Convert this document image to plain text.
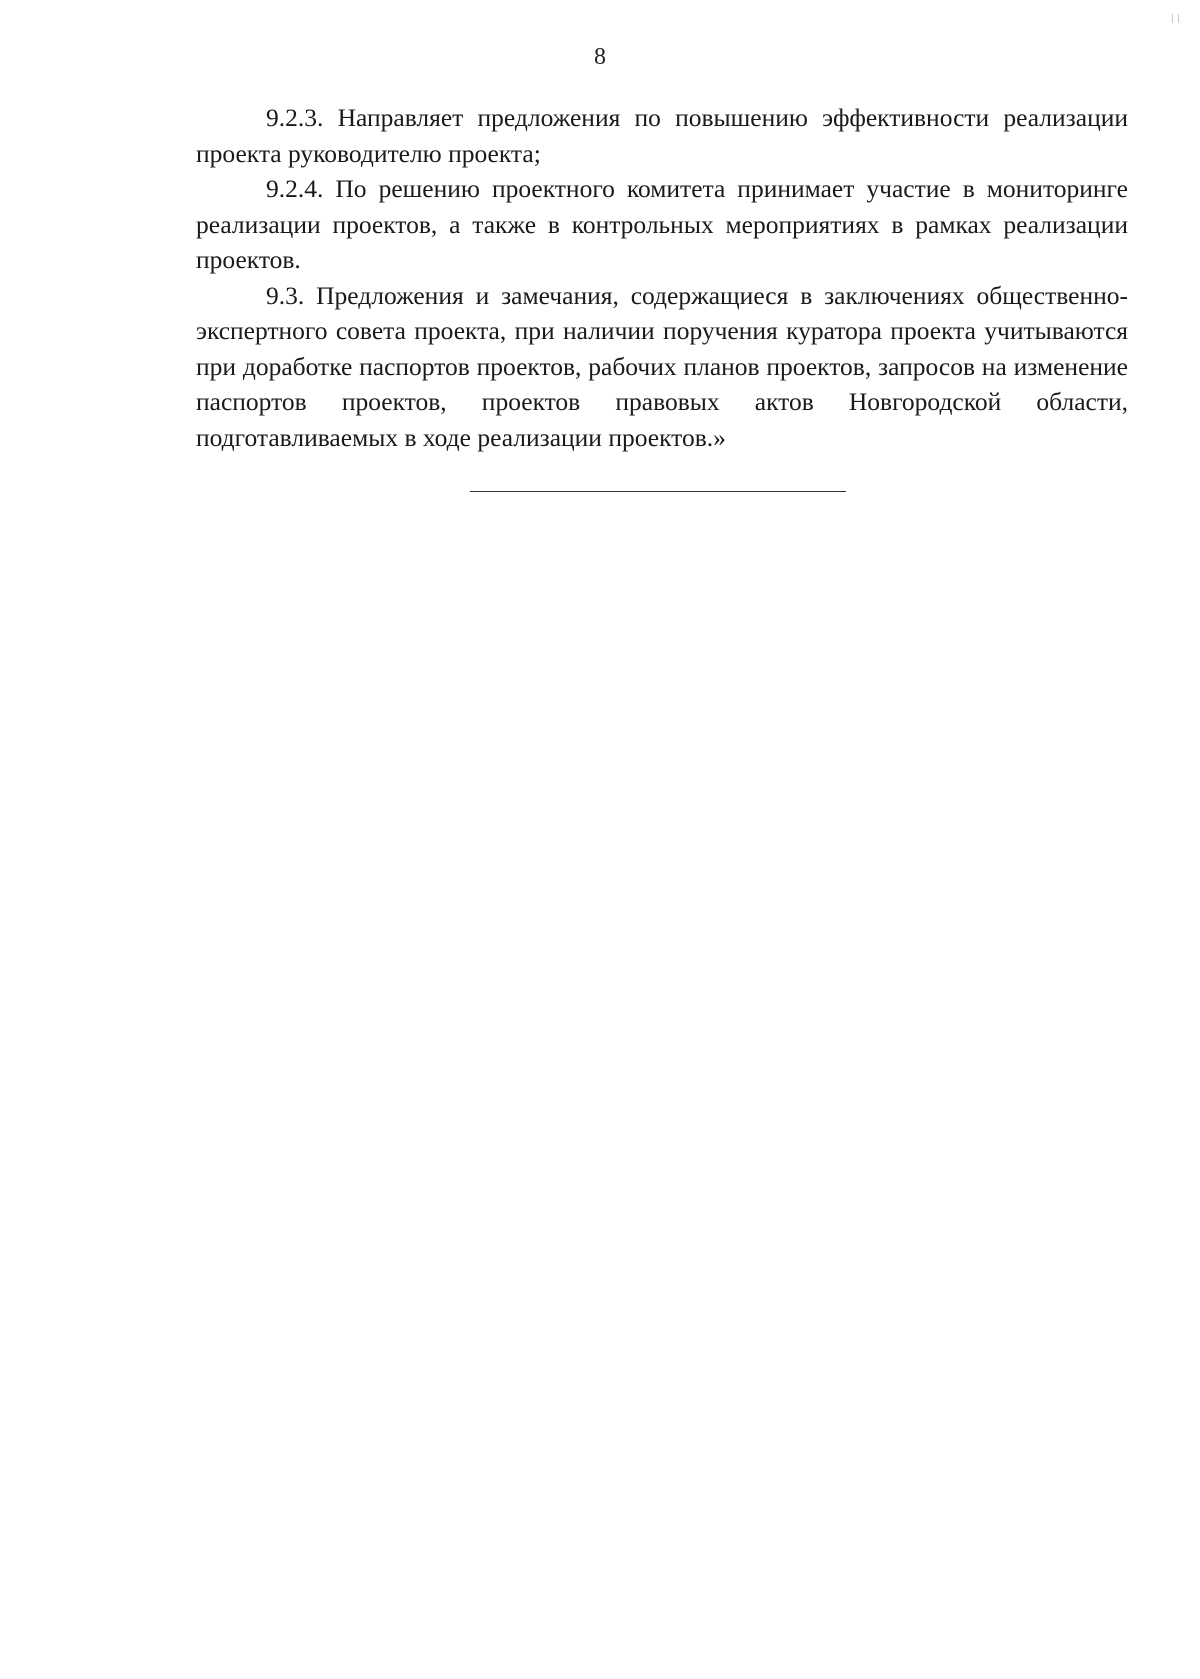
8

9.2.3. Направляет предложения по повышению эффективности реализации проекта руководителю проекта;

9.2.4. По решению проектного комитета принимает участие в мониторинге реализации проектов, а также в контрольных мероприятиях в рамках реализации проектов.

9.3. Предложения и замечания, содержащиеся в заключениях общественно-экспертного совета проекта, при наличии поручения куратора проекта учитываются при доработке паспортов проектов, рабочих планов проектов, запросов на изменение паспортов проектов, проектов правовых актов Новгородской области, подготавливаемых в ходе реализации проектов.»
